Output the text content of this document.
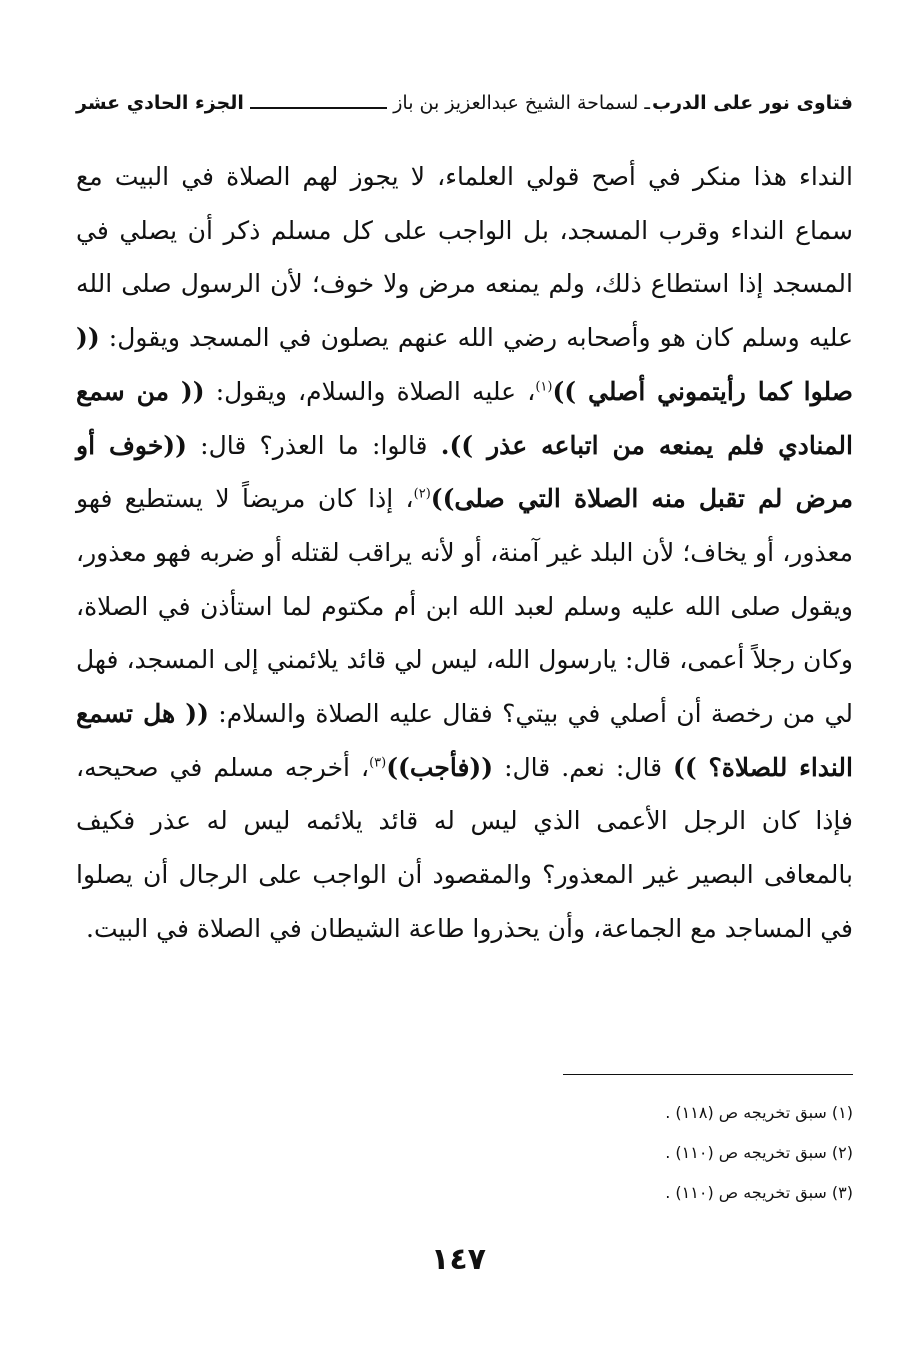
فتاوى نور على الدرب
ـ لسماحة الشيخ عبدالعزيز بن باز
الجزء الحادي عشر
النداء هذا منكر في أصح قولي العلماء، لا يجوز لهم الصلاة في البيت مع سماع النداء وقرب المسجد، بل الواجب على كل مسلم ذكر أن يصلي في المسجد إذا استطاع ذلك، ولم يمنعه مرض ولا خوف؛ لأن الرسول صلى الله عليه وسلم كان هو وأصحابه رضي الله عنهم يصلون في المسجد ويقول: (( صلوا كما رأيتموني أصلي ))$^{(١)}$، عليه الصلاة والسلام، ويقول: (( من سمع المنادي فلم يمنعه من اتباعه عذر )). قالوا: ما العذر؟ قال: ((خوف أو مرض لم تقبل منه الصلاة التي صلى))$^{(٢)}$، إذا كان مريضاً لا يستطيع فهو معذور، أو يخاف؛ لأن البلد غير آمنة، أو لأنه يراقب لقتله أو ضربه فهو معذور، ويقول صلى الله عليه وسلم لعبد الله ابن أم مكتوم لما استأذن في الصلاة، وكان رجلاً أعمى، قال: يارسول الله، ليس لي قائد يلائمني إلى المسجد، فهل لي من رخصة أن أصلي في بيتي؟ فقال عليه الصلاة والسلام: (( هل تسمع النداء للصلاة؟ )) قال: نعم. قال: ((فأجب))$^{(٣)}$، أخرجه مسلم في صحيحه، فإذا كان الرجل الأعمى الذي ليس له قائد يلائمه ليس له عذر فكيف بالمعافى البصير غير المعذور؟ والمقصود أن الواجب على الرجال أن يصلوا في المساجد مع الجماعة، وأن يحذروا طاعة الشيطان في الصلاة في البيت.
(١) سبق تخريجه ص (١١٨) .
(٢) سبق تخريجه ص (١١٠) .
(٣) سبق تخريجه ص (١١٠) .
١٤٧
